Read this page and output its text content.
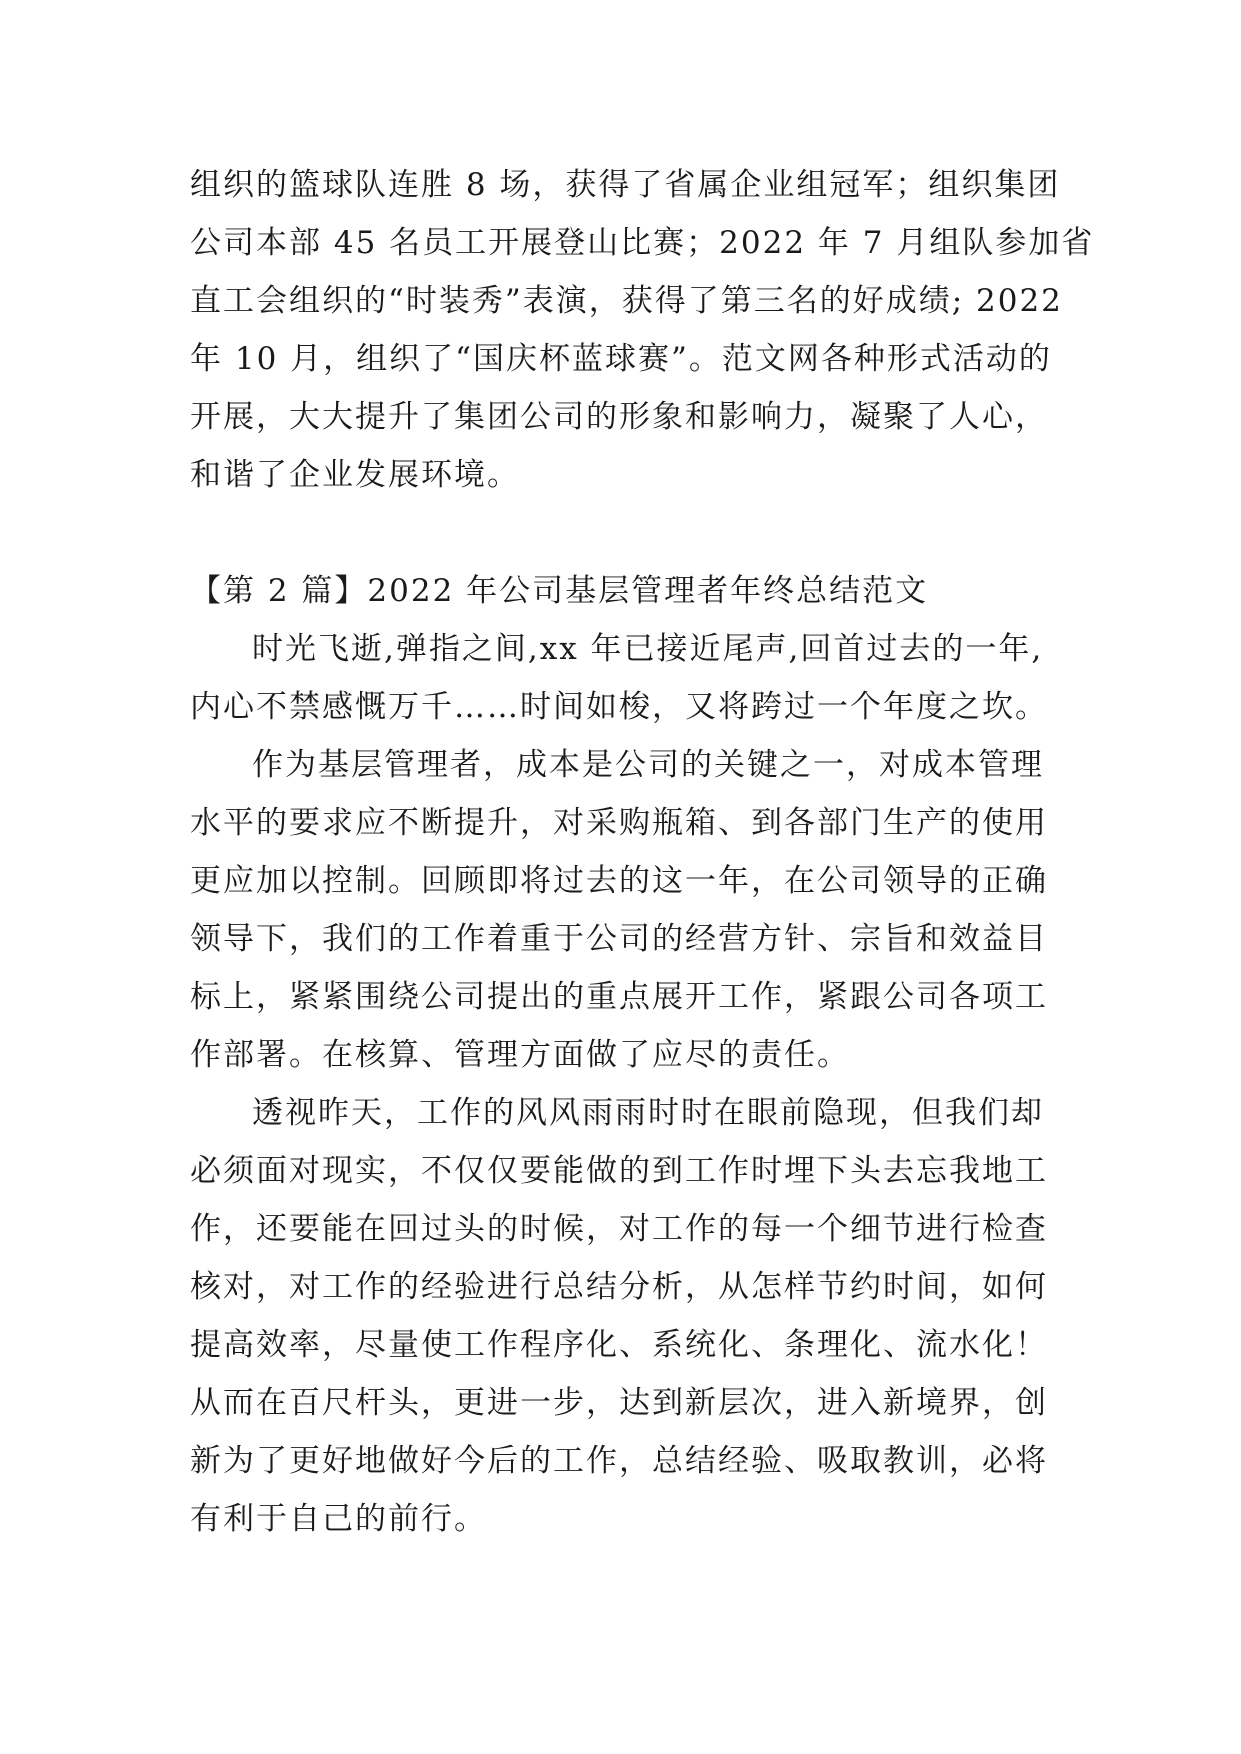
组织的篮球队连胜 8 场，获得了省属企业组冠军；组织集团
公司本部 45 名员工开展登山比赛；2022 年 7 月组队参加省
直工会组织的“时装秀”表演，获得了第三名的好成绩; 2022
年 10 月，组织了“国庆杯蓝球赛”。范文网各种形式活动的
开展，大大提升了集团公司的形象和影响力，凝聚了人心，
和谐了企业发展环境。
【第 2 篇】2022 年公司基层管理者年终总结范文
时光飞逝,弹指之间,xx 年已接近尾声,回首过去的一年,
内心不禁感慨万千……时间如梭，又将跨过一个年度之坎。
作为基层管理者，成本是公司的关键之一，对成本管理
水平的要求应不断提升，对采购瓶箱、到各部门生产的使用
更应加以控制。回顾即将过去的这一年，在公司领导的正确
领导下，我们的工作着重于公司的经营方针、宗旨和效益目
标上，紧紧围绕公司提出的重点展开工作，紧跟公司各项工
作部署。在核算、管理方面做了应尽的责任。
透视昨天，工作的风风雨雨时时在眼前隐现，但我们却
必须面对现实，不仅仅要能做的到工作时埋下头去忘我地工
作，还要能在回过头的时候，对工作的每一个细节进行检查
核对，对工作的经验进行总结分析，从怎样节约时间，如何
提高效率，尽量使工作程序化、系统化、条理化、流水化！
从而在百尺杆头，更进一步，达到新层次，进入新境界，创
新为了更好地做好今后的工作，总结经验、吸取教训，必将
有利于自己的前行。
